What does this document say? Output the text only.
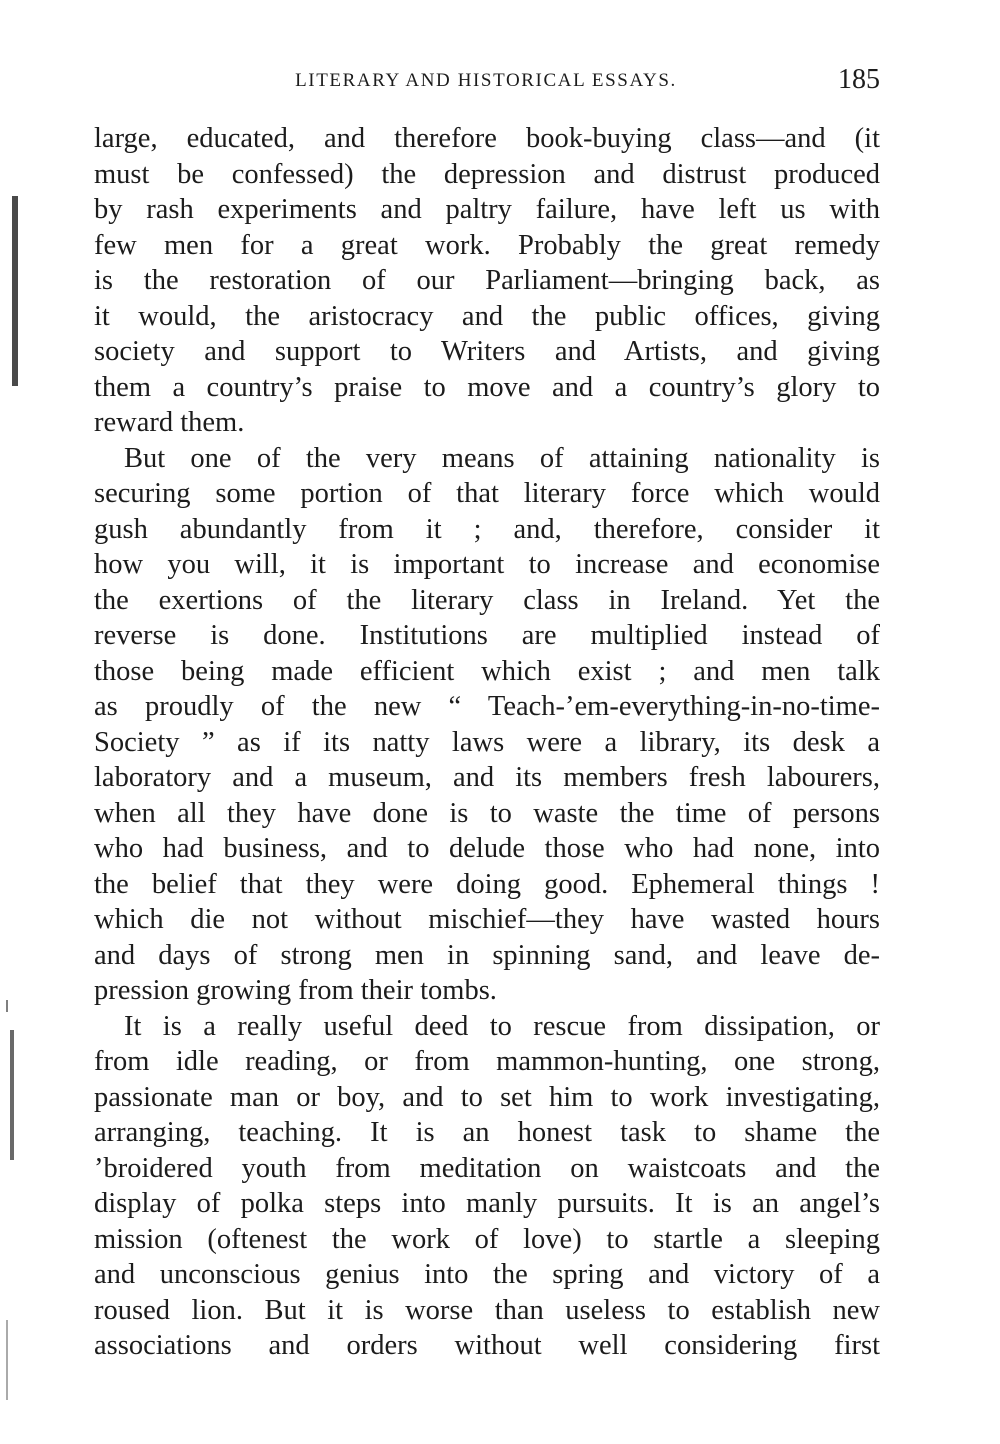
LITERARY AND HISTORICAL ESSAYS.	185
large, educated, and therefore book-buying class—and (it
must be confessed) the depression and distrust produced
by rash experiments and paltry failure, have left us with
few men for a great work. Probably the great remedy
is the restoration of our Parliament—bringing back, as
it would, the aristocracy and the public offices, giving
society and support to Writers and Artists, and giving
them a country’s praise to move and a country’s glory to
reward them.
But one of the very means of attaining nationality is
securing some portion of that literary force which would
gush abundantly from it ; and, therefore, consider it
how you will, it is important to increase and economise
the exertions of the literary class in Ireland. Yet the
reverse is done. Institutions are multiplied instead of
those being made efficient which exist ; and men talk
as proudly of the new “ Teach-’em-everything-in-no-time-
Society ” as if its natty laws were a library, its desk a
laboratory and a museum, and its members fresh labourers,
when all they have done is to waste the time of persons
who had business, and to delude those who had none, into
the belief that they were doing good. Ephemeral things !
which die not without mischief—they have wasted hours
and days of strong men in spinning sand, and leave de-
pression growing from their tombs.
It is a really useful deed to rescue from dissipation, or
from idle reading, or from mammon-hunting, one strong,
passionate man or boy, and to set him to work investigating,
arranging, teaching. It is an honest task to shame the
’broidered youth from meditation on waistcoats and the
display of polka steps into manly pursuits. It is an angel’s
mission (oftenest the work of love) to startle a sleeping
and unconscious genius into the spring and victory of a
roused lion. But it is worse than useless to establish new
associations and orders without well considering first
